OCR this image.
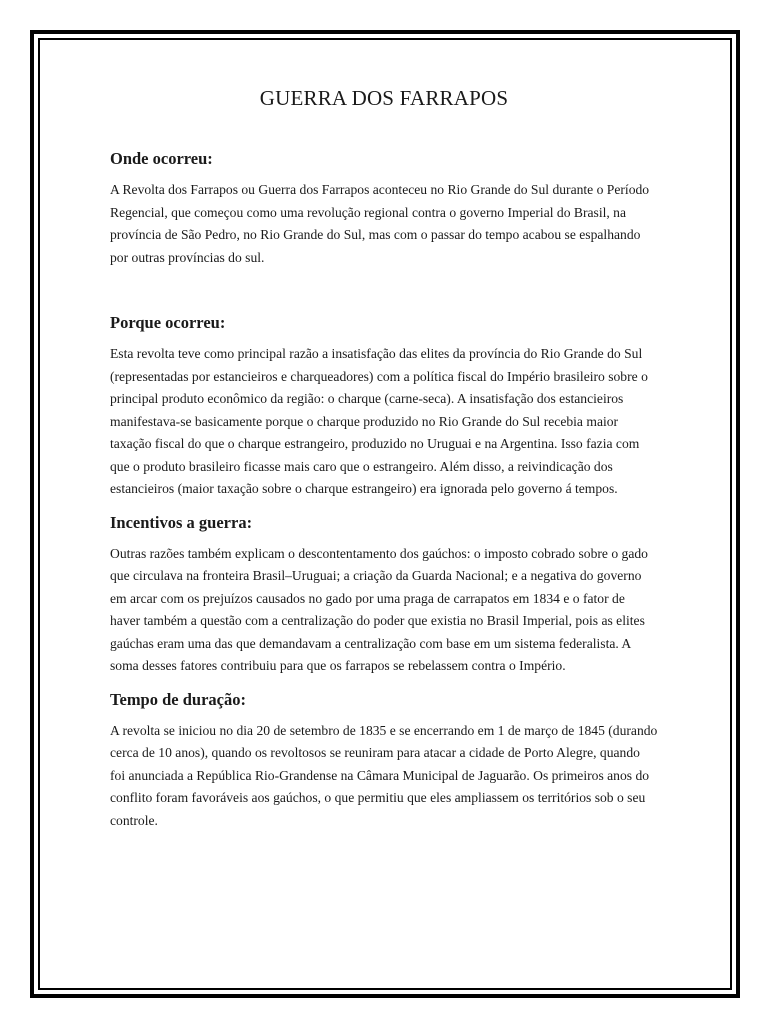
GUERRA DOS FARRAPOS
Onde ocorreu:

A Revolta dos Farrapos ou Guerra dos Farrapos aconteceu no Rio Grande do Sul durante o Período Regencial, que começou como uma revolução regional contra o governo Imperial do Brasil, na província de São Pedro, no Rio Grande do Sul, mas com o passar do tempo acabou se espalhando por outras províncias do sul.

Porque ocorreu:

Esta revolta teve como principal razão a insatisfação das elites da província do Rio Grande do Sul (representadas por estancieiros e charqueadores) com a política fiscal do Império brasileiro sobre o principal produto econômico da região: o charque (carne-seca). A insatisfação dos estancieiros manifestava-se basicamente porque o charque produzido no Rio Grande do Sul recebia maior taxação fiscal do que o charque estrangeiro, produzido no Uruguai e na Argentina. Isso fazia com que o produto brasileiro ficasse mais caro que o estrangeiro. Além disso, a reivindicação dos estancieiros (maior taxação sobre o charque estrangeiro) era ignorada pelo governo á tempos.

Incentivos a guerra:

Outras razões também explicam o descontentamento dos gaúchos: o imposto cobrado sobre o gado que circulava na fronteira Brasil–Uruguai; a criação da Guarda Nacional; e a negativa do governo em arcar com os prejuízos causados no gado por uma praga de carrapatos em 1834 e o fator de haver também a questão com a centralização do poder que existia no Brasil Imperial, pois as elites gaúchas eram uma das que demandavam a centralização com base em um sistema federalista. A soma desses fatores contribuiu para que os farrapos se rebelassem contra o Império.

Tempo de duração:

A revolta se iniciou no dia 20 de setembro de 1835 e se encerrando em 1 de março de 1845 (durando cerca de 10 anos), quando os revoltosos se reuniram para atacar a cidade de Porto Alegre, quando foi anunciada a República Rio-Grandense na Câmara Municipal de Jaguarão. Os primeiros anos do conflito foram favoráveis aos gaúchos, o que permitiu que eles ampliassem os territórios sob o seu controle.
